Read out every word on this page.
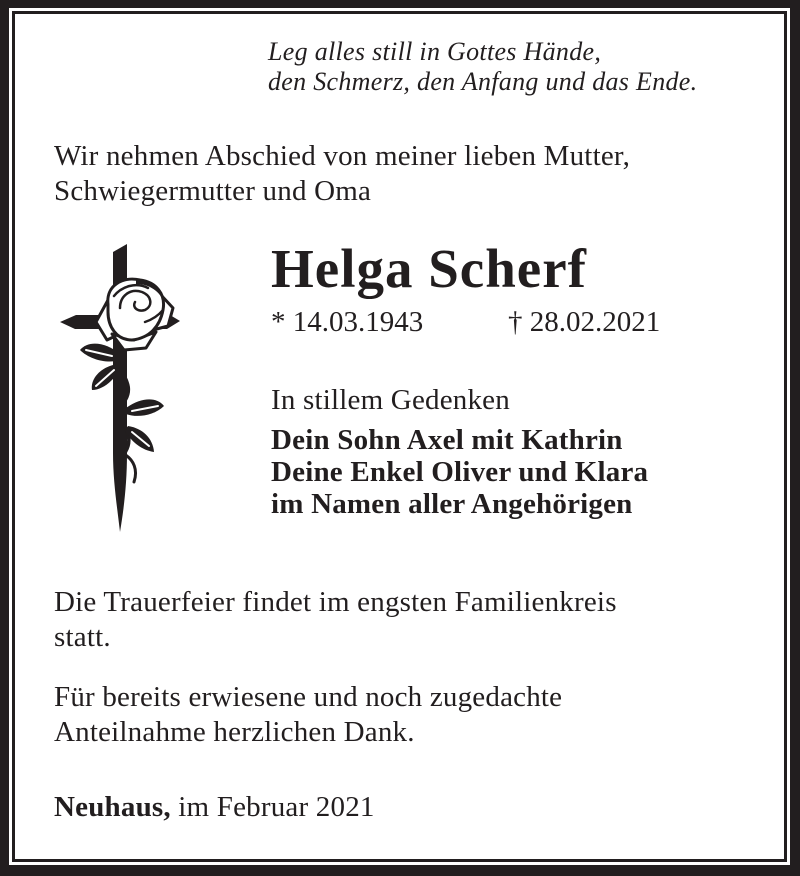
Leg alles still in Gottes Hände,
den Schmerz, den Anfang und das Ende.
Wir nehmen Abschied von meiner lieben Mutter,
Schwiegermutter und Oma
Helga Scherf
* 14.03.1943	† 28.02.2021
In stillem Gedenken
Dein Sohn Axel mit Kathrin
Deine Enkel Oliver und Klara
im Namen aller Angehörigen
Die Trauerfeier findet im engsten Familienkreis
statt.
Für bereits erwiesene und noch zugedachte
Anteilnahme herzlichen Dank.
Neuhaus, im Februar 2021
